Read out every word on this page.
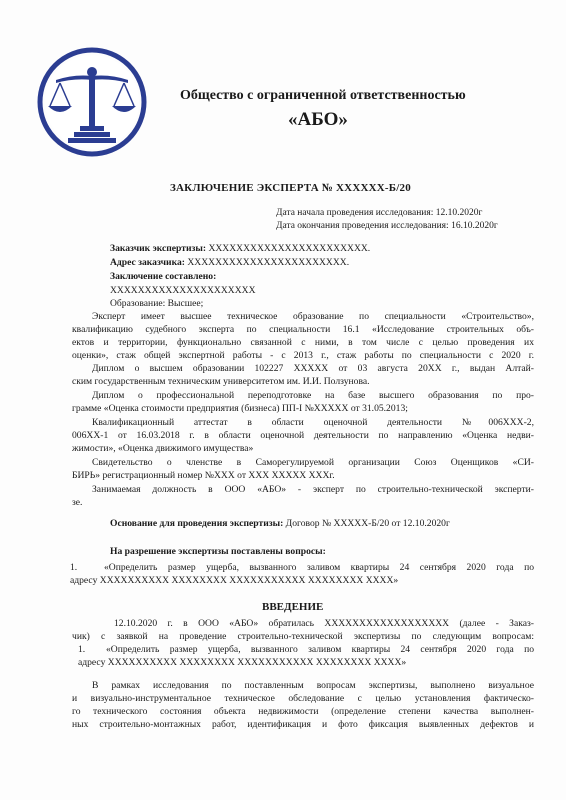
Общество с ограниченной ответственностью
«АБО»
ЗАКЛЮЧЕНИЕ ЭКСПЕРТА № XXXXXX-Б/20
Дата начала проведения исследования: 12.10.2020г
Дата окончания проведения исследования: 16.10.2020г
Заказчик экспертизы: XXXXXXXXXXXXXXXXXXXXXXX.
Адрес заказчика: XXXXXXXXXXXXXXXXXXXXXXX.
Заключение составлено:
XXXXXXXXXXXXXXXXXXXXX
Образование: Высшее;
Эксперт имеет высшее техническое образование по специальности «Строительство»,
квалификацию судебного эксперта по специальности 16.1 «Исследование строительных объ-
ектов и территории, функционально связанной с ними, в том числе с целью проведения их
оценки», стаж общей экспертной работы - с 2013 г., стаж работы по специальности с 2020 г.
Диплом о высшем образовании 102227 XXXXX от 03 августа 20XX г., выдан Алтай-
ским государственным техническим университетом им. И.И. Ползунова.
Диплом о профессиональной переподготовке на базе высшего образования по про-
грамме «Оценка стоимости предприятия (бизнеса) ПП-I №XXXXX от 31.05.2013;
Квалификационный аттестат в области оценочной деятельности №006XXX-2,
006XX-1 от 16.03.2018 г. в области оценочной деятельности по направлению «Оценка недви-
жимости», «Оценка движимого имущества»
Свидетельство о членстве в Саморегулируемой организации Союз Оценщиков «СИ-
БИРЬ» регистрационный номер №XXX от XXX XXXXX XXXг.
Занимаемая должность в ООО «АБО» - эксперт по строительно-технической эксперти-
зе.
Основание для проведения экспертизы: Договор № XXXXX-Б/20 от 12.10.2020г
На разрешение экспертизы поставлены вопросы:
1.	«Определить размер ущерба, вызванного заливом квартиры 24 сентября 2020 года по
адресу XXXXXXXXXX XXXXXXXX XXXXXXXXXXX XXXXXXXX XXXX»
ВВЕДЕНИЕ
12.10.2020 г. в ООО «АБО» обратилась XXXXXXXXXXXXXXXXXX (далее - Заказ-
чик) с заявкой на проведение строительно-технической экспертизы по следующим вопросам:
1. «Определить размер ущерба, вызванного заливом квартиры 24 сентября 2020 года по
адресу XXXXXXXXXX XXXXXXXX XXXXXXXXXXX XXXXXXXX XXXX»
В рамках исследования по поставленным вопросам экспертизы, выполнено визуальное
и визуально-инструментальное техническое обследование с целью установления фактическо-
го технического состояния объекта недвижимости (определение степени качества выполнен-
ных строительно-монтажных работ, идентификация и фото фиксация выявленных дефектов и
